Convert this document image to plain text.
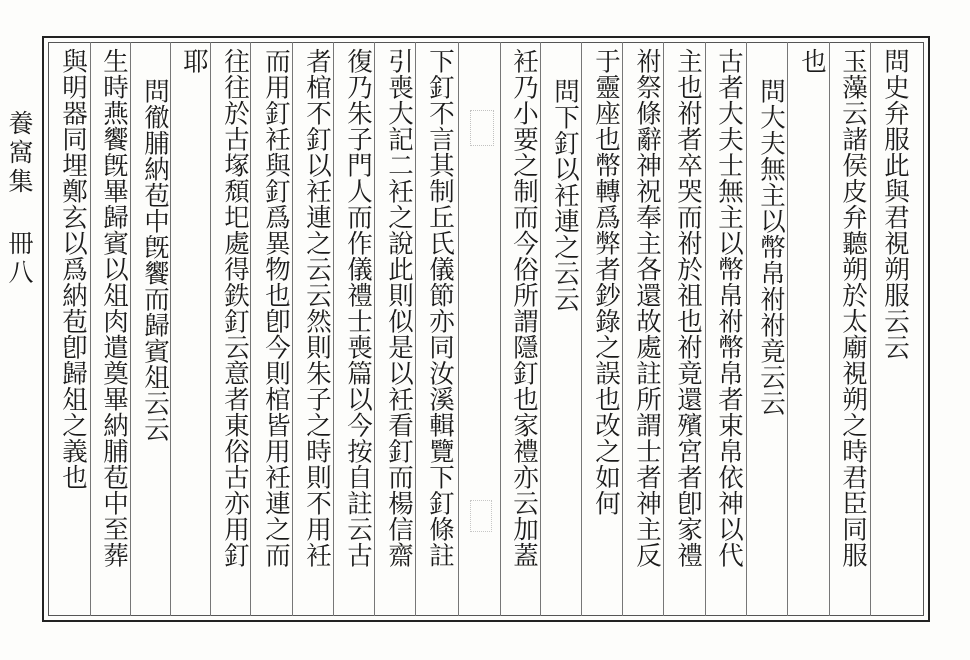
養窩集 冊八	問史弁服此與君視朔服云云
玉藻云諸侯皮弁聽朔於太廟視朔之時君臣同服
也
問大夫無主以幣帛祔祔竟云云
古者大夫士無主以幣帛祔幣帛者束帛依神以代
主也祔者卒哭而祔於祖也祔竟還殯宮者卽家禮
祔祭條辭神祝奉主各還故處註所謂士者神主反
于靈座也幣轉爲弊者鈔錄之誤也改之如何
問下釘以衽連之云云
衽乃小要之制而今俗所謂隱釘也家禮亦云加蓋
下釘不言其制丘氏儀節亦同汝溪輯覽下釘條註
引喪大記二衽之說此則似是以衽看釘而楊信齋
復乃朱子門人而作儀禮士喪篇以今按自註云古
者棺不釘以衽連之云云然則朱子之時則不用衽
而用釘衽與釘爲異物也卽今則棺皆用衽連之而
往往於古塚頹圯處得鉄釘云意者東俗古亦用釘
耶
問徹脯納苞中旣饗而歸賓俎云云
生時燕饗旣畢歸賓以俎肉遣奠畢納脯苞中至葬
與明器同埋鄭玄以爲納苞卽歸俎之義也
